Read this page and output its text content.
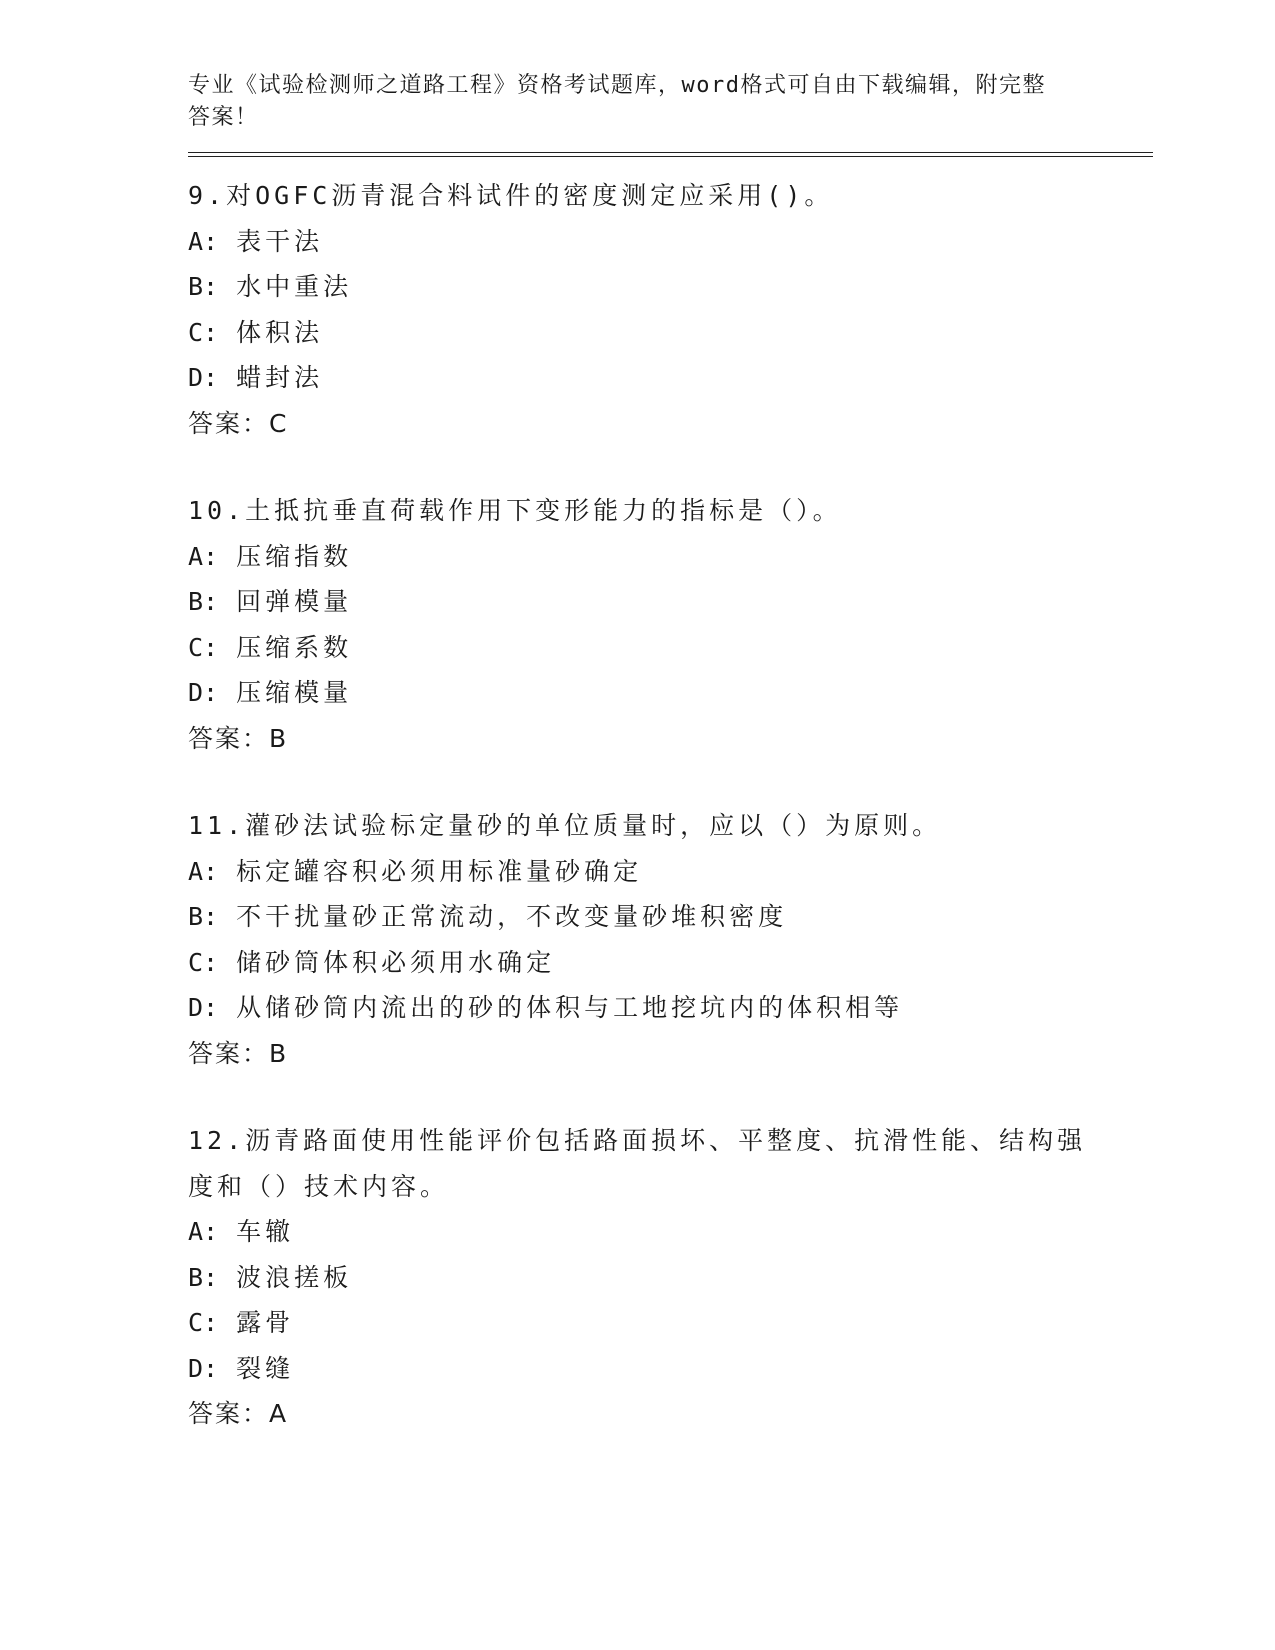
专业《试验检测师之道路工程》资格考试题库，word格式可自由下载编辑，附完整答案！
9.对OGFC沥青混合料试件的密度测定应采用()。
A: 表干法
B: 水中重法
C: 体积法
D: 蜡封法
答案：C
10.土抵抗垂直荷载作用下变形能力的指标是（）。
A: 压缩指数
B: 回弹模量
C: 压缩系数
D: 压缩模量
答案：B
11.灌砂法试验标定量砂的单位质量时，应以（）为原则。
A: 标定罐容积必须用标准量砂确定
B: 不干扰量砂正常流动，不改变量砂堆积密度
C: 储砂筒体积必须用水确定
D: 从储砂筒内流出的砂的体积与工地挖坑内的体积相等
答案：B
12.沥青路面使用性能评价包括路面损坏、平整度、抗滑性能、结构强度和（）技术内容。
A: 车辙
B: 波浪搓板
C: 露骨
D: 裂缝
答案：A
